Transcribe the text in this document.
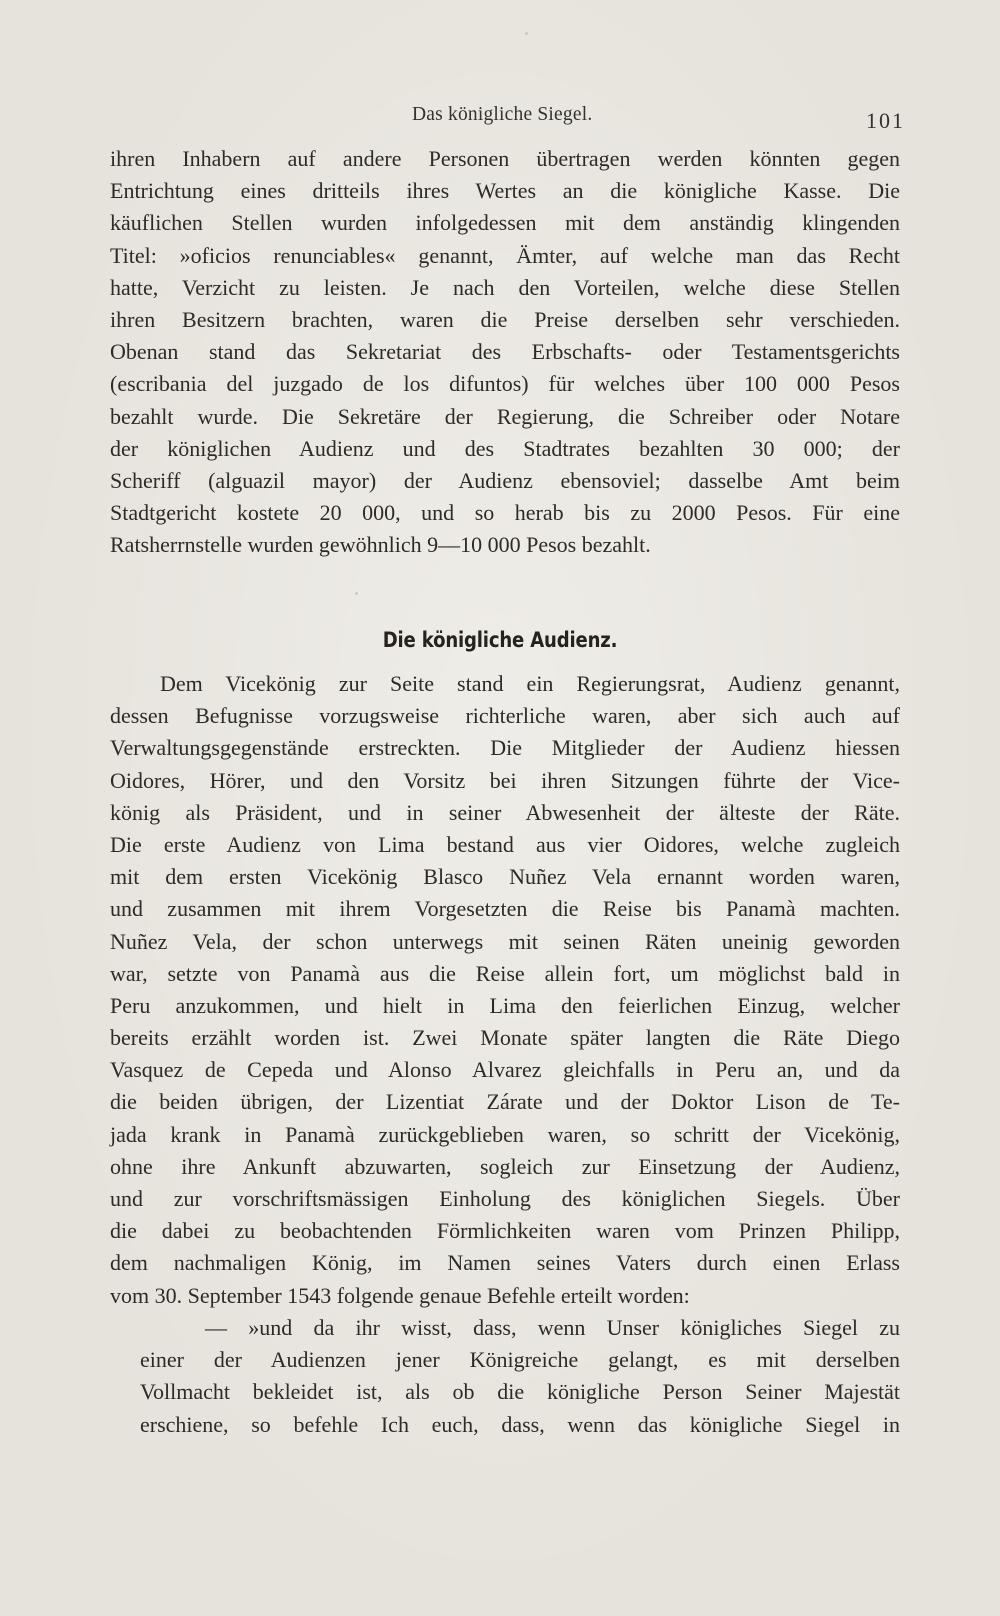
Das königliche Siegel.	101
ihren Inhabern auf andere Personen übertragen werden könnten gegen
Entrichtung eines dritteils ihres Wertes an die königliche Kasse. Die
käuflichen Stellen wurden infolgedessen mit dem anständig klingenden
Titel: »oficios renunciables« genannt, Ämter, auf welche man das Recht
hatte, Verzicht zu leisten. Je nach den Vorteilen, welche diese Stellen
ihren Besitzern brachten, waren die Preise derselben sehr verschieden.
Obenan stand das Sekretariat des Erbschafts- oder Testamentsgerichts
(escribania del juzgado de los difuntos) für welches über 100 000 Pesos
bezahlt wurde. Die Sekretäre der Regierung, die Schreiber oder Notare
der königlichen Audienz und des Stadtrates bezahlten 30 000; der
Scheriff (alguazil mayor) der Audienz ebensoviel; dasselbe Amt beim
Stadtgericht kostete 20 000, und so herab bis zu 2000 Pesos. Für eine
Ratsherrnstelle wurden gewöhnlich 9—10 000 Pesos bezahlt.
Die königliche Audienz.
Dem Vicekönig zur Seite stand ein Regierungsrat, Audienz genannt,
dessen Befugnisse vorzugsweise richterliche waren, aber sich auch auf
Verwaltungsgegenstände erstreckten. Die Mitglieder der Audienz hiessen
Oidores, Hörer, und den Vorsitz bei ihren Sitzungen führte der Vice-
könig als Präsident, und in seiner Abwesenheit der älteste der Räte.
Die erste Audienz von Lima bestand aus vier Oidores, welche zugleich
mit dem ersten Vicekönig Blasco Nuñez Vela ernannt worden waren,
und zusammen mit ihrem Vorgesetzten die Reise bis Panamà machten.
Nuñez Vela, der schon unterwegs mit seinen Räten uneinig geworden
war, setzte von Panamà aus die Reise allein fort, um möglichst bald in
Peru anzukommen, und hielt in Lima den feierlichen Einzug, welcher
bereits erzählt worden ist. Zwei Monate später langten die Räte Diego
Vasquez de Cepeda und Alonso Alvarez gleichfalls in Peru an, und da
die beiden übrigen, der Lizentiat Zárate und der Doktor Lison de Te-
jada krank in Panamà zurückgeblieben waren, so schritt der Vicekönig,
ohne ihre Ankunft abzuwarten, sogleich zur Einsetzung der Audienz,
und zur vorschriftsmässigen Einholung des königlichen Siegels. Über
die dabei zu beobachtenden Förmlichkeiten waren vom Prinzen Philipp,
dem nachmaligen König, im Namen seines Vaters durch einen Erlass
vom 30. September 1543 folgende genaue Befehle erteilt worden:
— »und da ihr wisst, dass, wenn Unser königliches Siegel zu
einer der Audienzen jener Königreiche gelangt, es mit derselben
Vollmacht bekleidet ist, als ob die königliche Person Seiner Majestät
erschiene, so befehle Ich euch, dass, wenn das königliche Siegel in
